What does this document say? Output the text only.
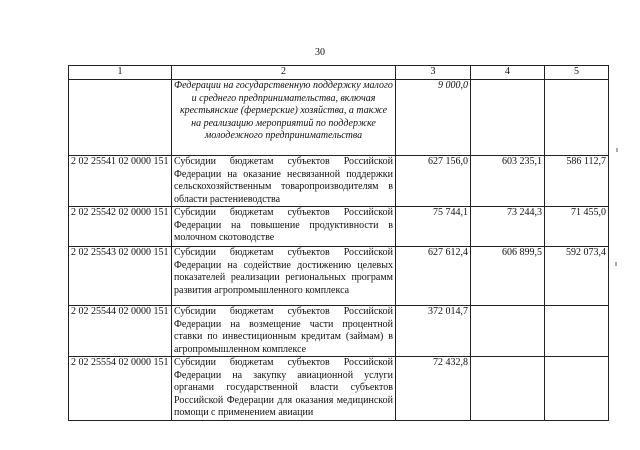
30
1	2	3	4	5
	Федерации на государственную поддержку малого и среднего предпринимательства, включая крестьянские (фермерские) хозяйства, а также на реализацию мероприятий по поддержке молодежного предпринимательства	9 000,0		
2 02 25541 02 0000 151	Субсидии бюджетам субъектов Российской Федерации на оказание несвязанной поддержки сельскохозяйственным товаропроизводителям в области растениеводства	627 156,0	603 235,1	586 112,7
2 02 25542 02 0000 151	Субсидии бюджетам субъектов Российской Федерации на повышение продуктивности в молочном скотоводстве	75 744,1	73 244,3	71 455,0
2 02 25543 02 0000 151	Субсидии бюджетам субъектов Российской Федерации на содействие достижению целевых показателей реализации региональных программ развития агропромышленного комплекса	627 612,4	606 899,5	592 073,4
2 02 25544 02 0000 151	Субсидии бюджетам субъектов Российской Федерации на возмещение части процентной ставки по инвестиционным кредитам (займам) в агропромышленном комплексе	372 014,7		
2 02 25554 02 0000 151	Субсидии бюджетам субъектов Российской Федерации на закупку авиационной услуги органами государственной власти субъектов Российской Федерации для оказания медицинской помощи с применением авиации	72 432,8		
